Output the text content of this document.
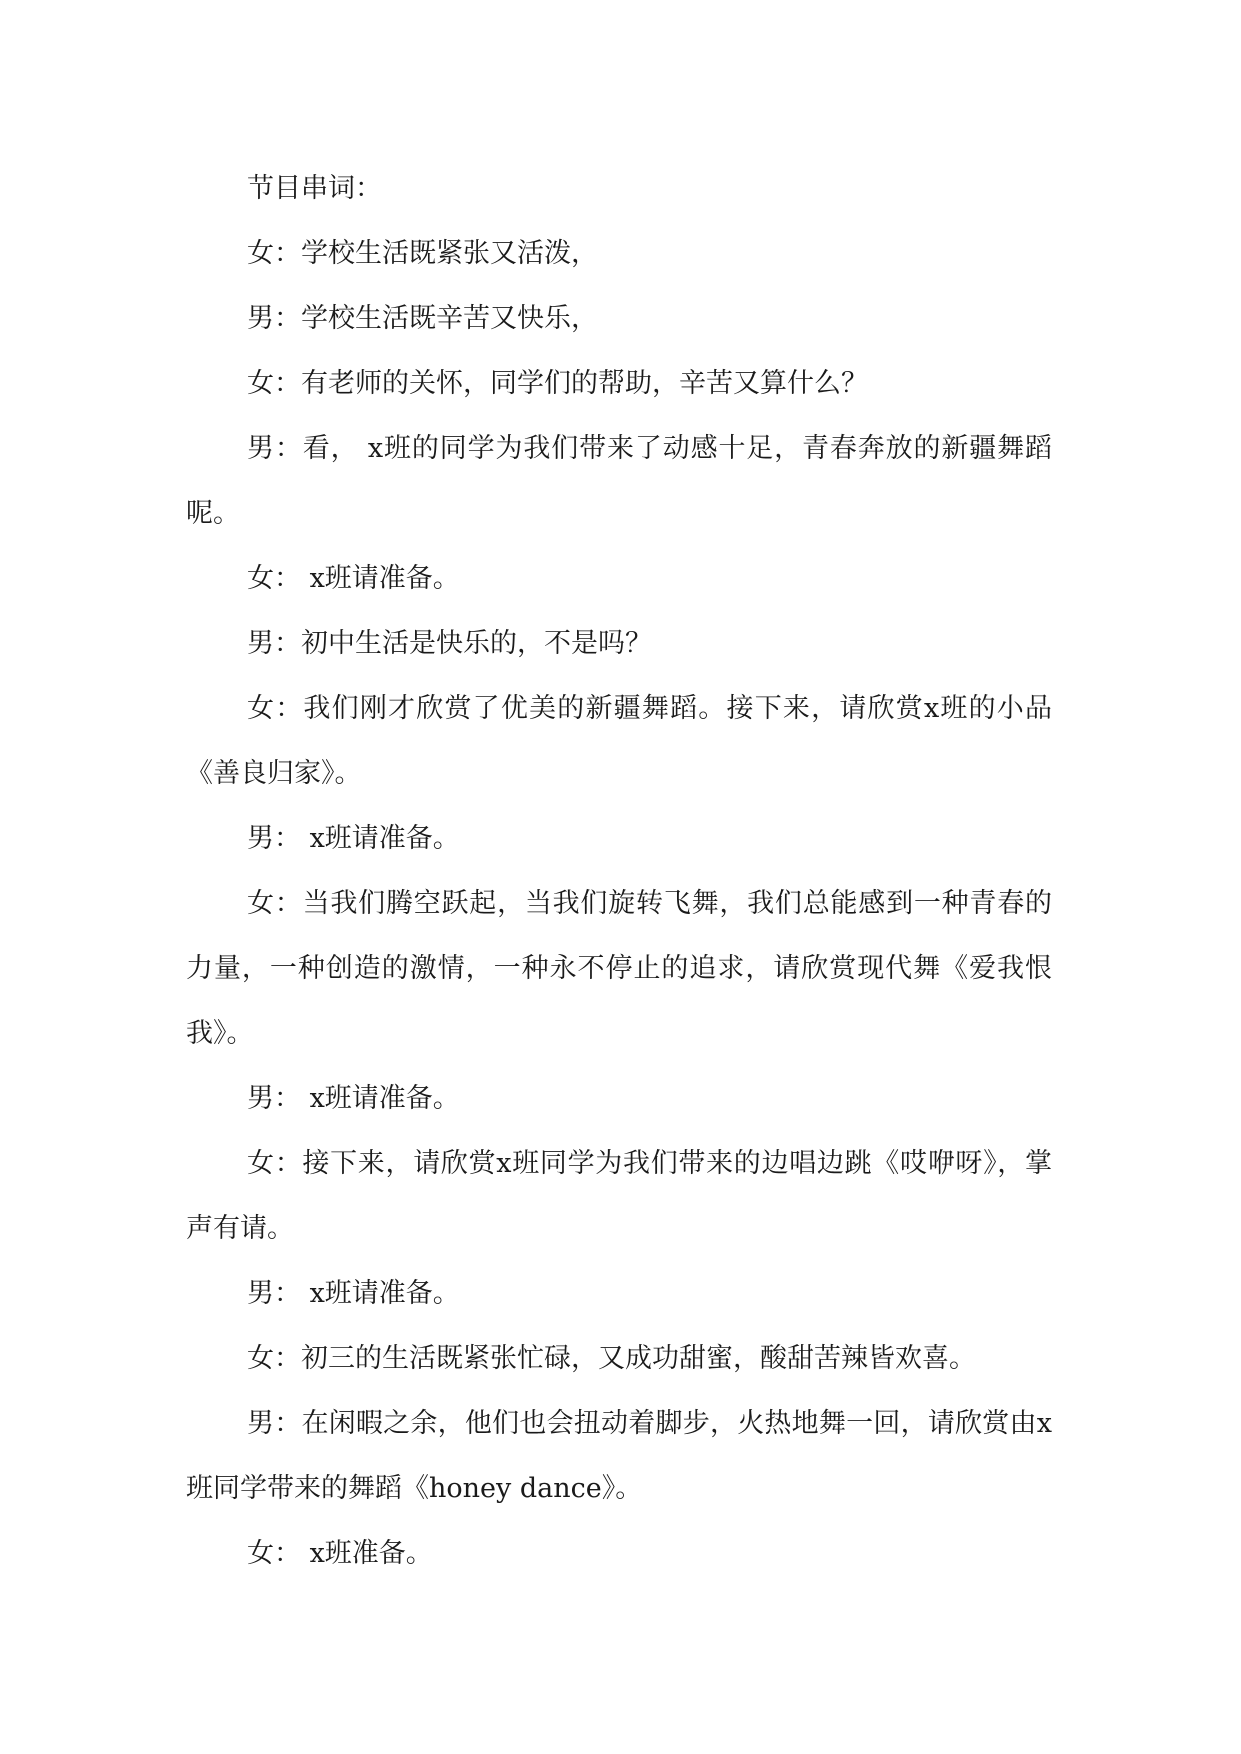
节目串词：

女：学校生活既紧张又活泼，

男：学校生活既辛苦又快乐，

女：有老师的关怀，同学们的帮助，辛苦又算什么？

男：看， x班的同学为我们带来了动感十足，青春奔放的新疆舞蹈呢。

女： x班请准备。

男：初中生活是快乐的，不是吗？

女：我们刚才欣赏了优美的新疆舞蹈。接下来，请欣赏x班的小品《善良归家》。

男： x班请准备。

女：当我们腾空跃起，当我们旋转飞舞，我们总能感到一种青春的力量，一种创造的激情，一种永不停止的追求，请欣赏现代舞《爱我恨我》。

男： x班请准备。

女：接下来，请欣赏x班同学为我们带来的边唱边跳《哎咿呀》，掌声有请。

男： x班请准备。

女：初三的生活既紧张忙碌，又成功甜蜜，酸甜苦辣皆欢喜。

男：在闲暇之余，他们也会扭动着脚步，火热地舞一回，请欣赏由x班同学带来的舞蹈《honey dance》。

女： x班准备。
